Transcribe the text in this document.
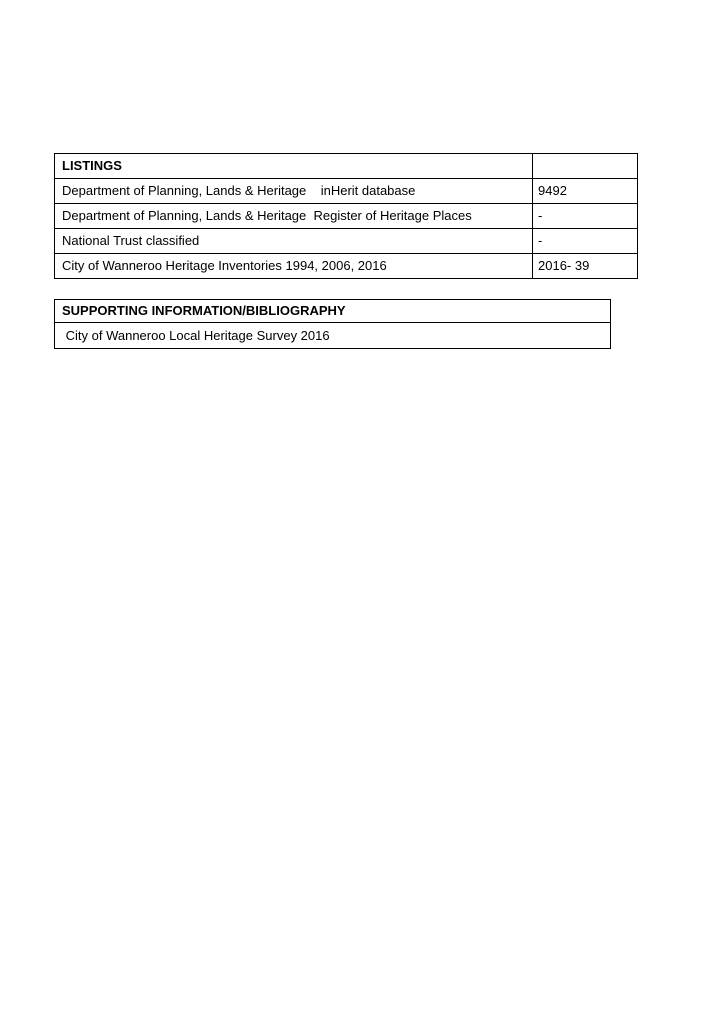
LISTINGS	
Department of Planning, Lands & Heritage    inHerit database	9492
Department of Planning, Lands & Heritage  Register of Heritage Places	-
National Trust classified	-
City of Wanneroo Heritage Inventories 1994, 2006, 2016	2016- 39
SUPPORTING INFORMATION/BIBLIOGRAPHY
City of Wanneroo Local Heritage Survey 2016
